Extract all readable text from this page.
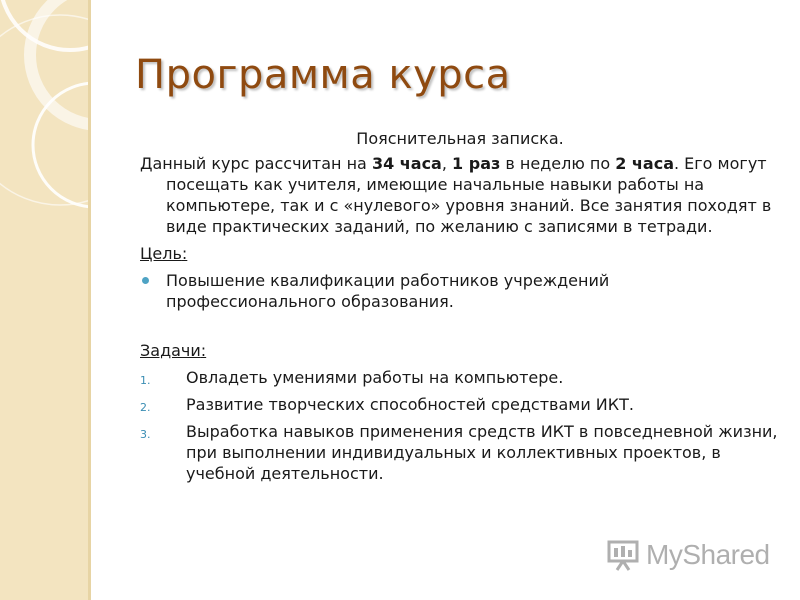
Программа курса

Пояснительная записка.

Данный курс рассчитан на 34 часа, 1 раз в неделю по 2 часа. Его могут посещать как учителя, имеющие начальные навыки работы на компьютере, так и с «нулевого» уровня знаний. Все занятия походят в виде практических заданий, по желанию с записями в тетради.

Цель:

Повышение квалификации работников учреждений профессионального образования.

Задачи:

1. Овладеть умениями работы на компьютере.
2. Развитие творческих способностей средствами ИКТ.
3. Выработка навыков применения средств ИКТ в повседневной жизни, при выполнении индивидуальных и коллективных проектов, в учебной деятельности.
MyShared
